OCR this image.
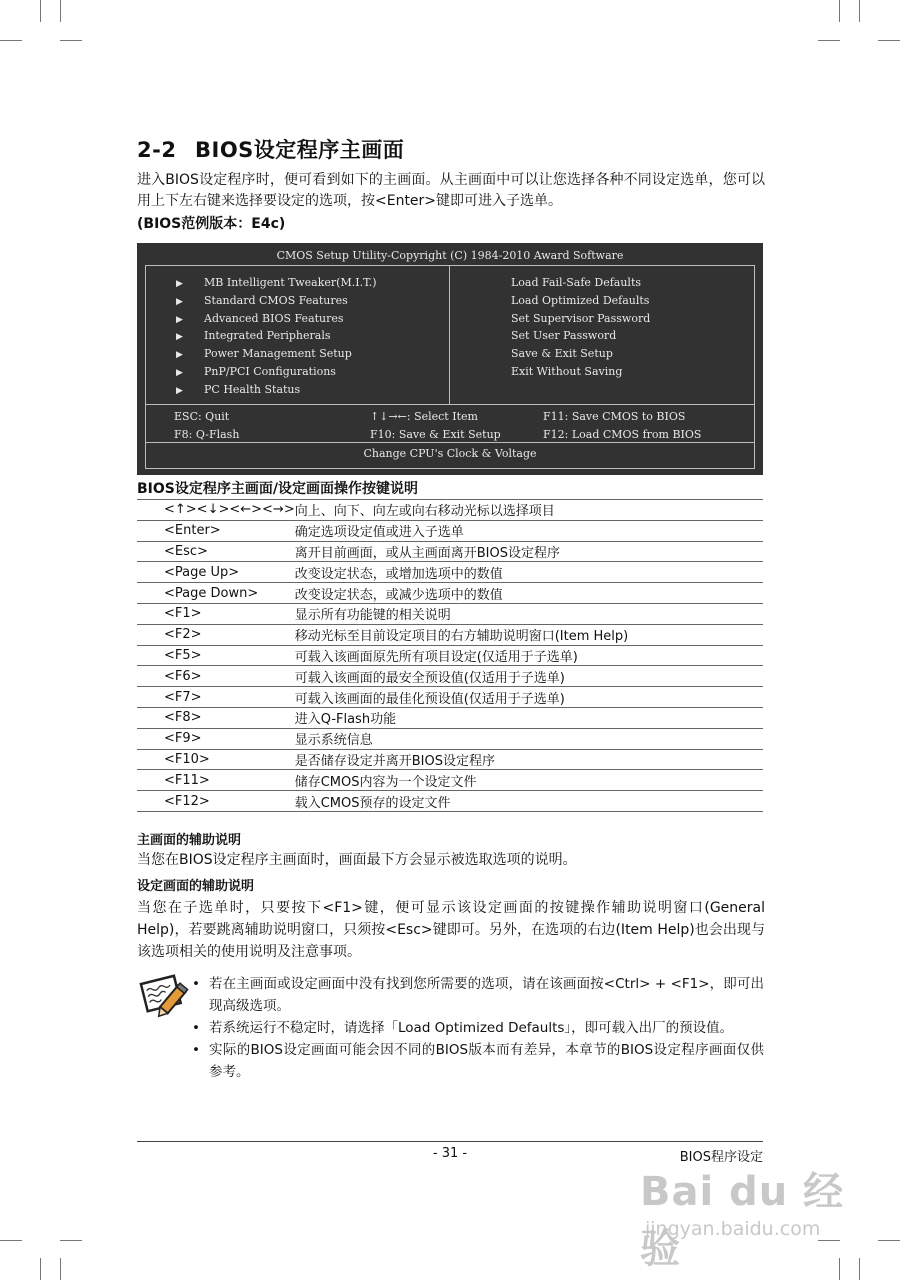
2-2 BIOS设定程序主画面
进入BIOS设定程序时，便可看到如下的主画面。从主画面中可以让您选择各种不同设定选单，您可以用上下左右键来选择要设定的选项，按<Enter>键即可进入子选单。
(BIOS范例版本：E4c)
CMOS Setup Utility-Copyright (C) 1984-2010 Award Software
▶ MB Intelligent Tweaker(M.I.T.)
▶ Standard CMOS Features
▶ Advanced BIOS Features
▶ Integrated Peripherals
▶ Power Management Setup
▶ PnP/PCI Configurations
▶ PC Health Status
Load Fail-Safe Defaults
Load Optimized Defaults
Set Supervisor Password
Set User Password
Save & Exit Setup
Exit Without Saving
ESC: Quit
F8: Q-Flash
↑↓→←: Select Item
F10: Save & Exit Setup
F11: Save CMOS to BIOS
F12: Load CMOS from BIOS
Change CPU's Clock & Voltage
BIOS设定程序主画面/设定画面操作按键说明
<↑><↓><←><→>	向上、向下、向左或向右移动光标以选择项目
<Enter>	确定选项设定值或进入子选单
<Esc>	离开目前画面，或从主画面离开BIOS设定程序
<Page Up>	改变设定状态，或增加选项中的数值
<Page Down>	改变设定状态，或减少选项中的数值
<F1>	显示所有功能键的相关说明
<F2>	移动光标至目前设定项目的右方辅助说明窗口(Item Help)
<F5>	可载入该画面原先所有项目设定(仅适用于子选单)
<F6>	可载入该画面的最安全预设值(仅适用于子选单)
<F7>	可载入该画面的最佳化预设值(仅适用于子选单)
<F8>	进入Q-Flash功能
<F9>	显示系统信息
<F10>	是否储存设定并离开BIOS设定程序
<F11>	储存CMOS内容为一个设定文件
<F12>	载入CMOS预存的设定文件
主画面的辅助说明
当您在BIOS设定程序主画面时，画面最下方会显示被选取选项的说明。
设定画面的辅助说明
当您在子选单时，只要按下<F1>键，便可显示该设定画面的按键操作辅助说明窗口(General Help)，若要跳离辅助说明窗口，只须按<Esc>键即可。另外，在选项的右边(Item Help)也会出现与该选项相关的使用说明及注意事项。
• 若在主画面或设定画面中没有找到您所需要的选项，请在该画面按<Ctrl> + <F1>，即可出现高级选项。
• 若系统运行不稳定时，请选择「Load Optimized Defaults」，即可载入出厂的预设值。
• 实际的BIOS设定画面可能会因不同的BIOS版本而有差异，本章节的BIOS设定程序画面仅供参考。
- 31 -	BIOS程序设定
Bai du 经验
jingyan.baidu.com
